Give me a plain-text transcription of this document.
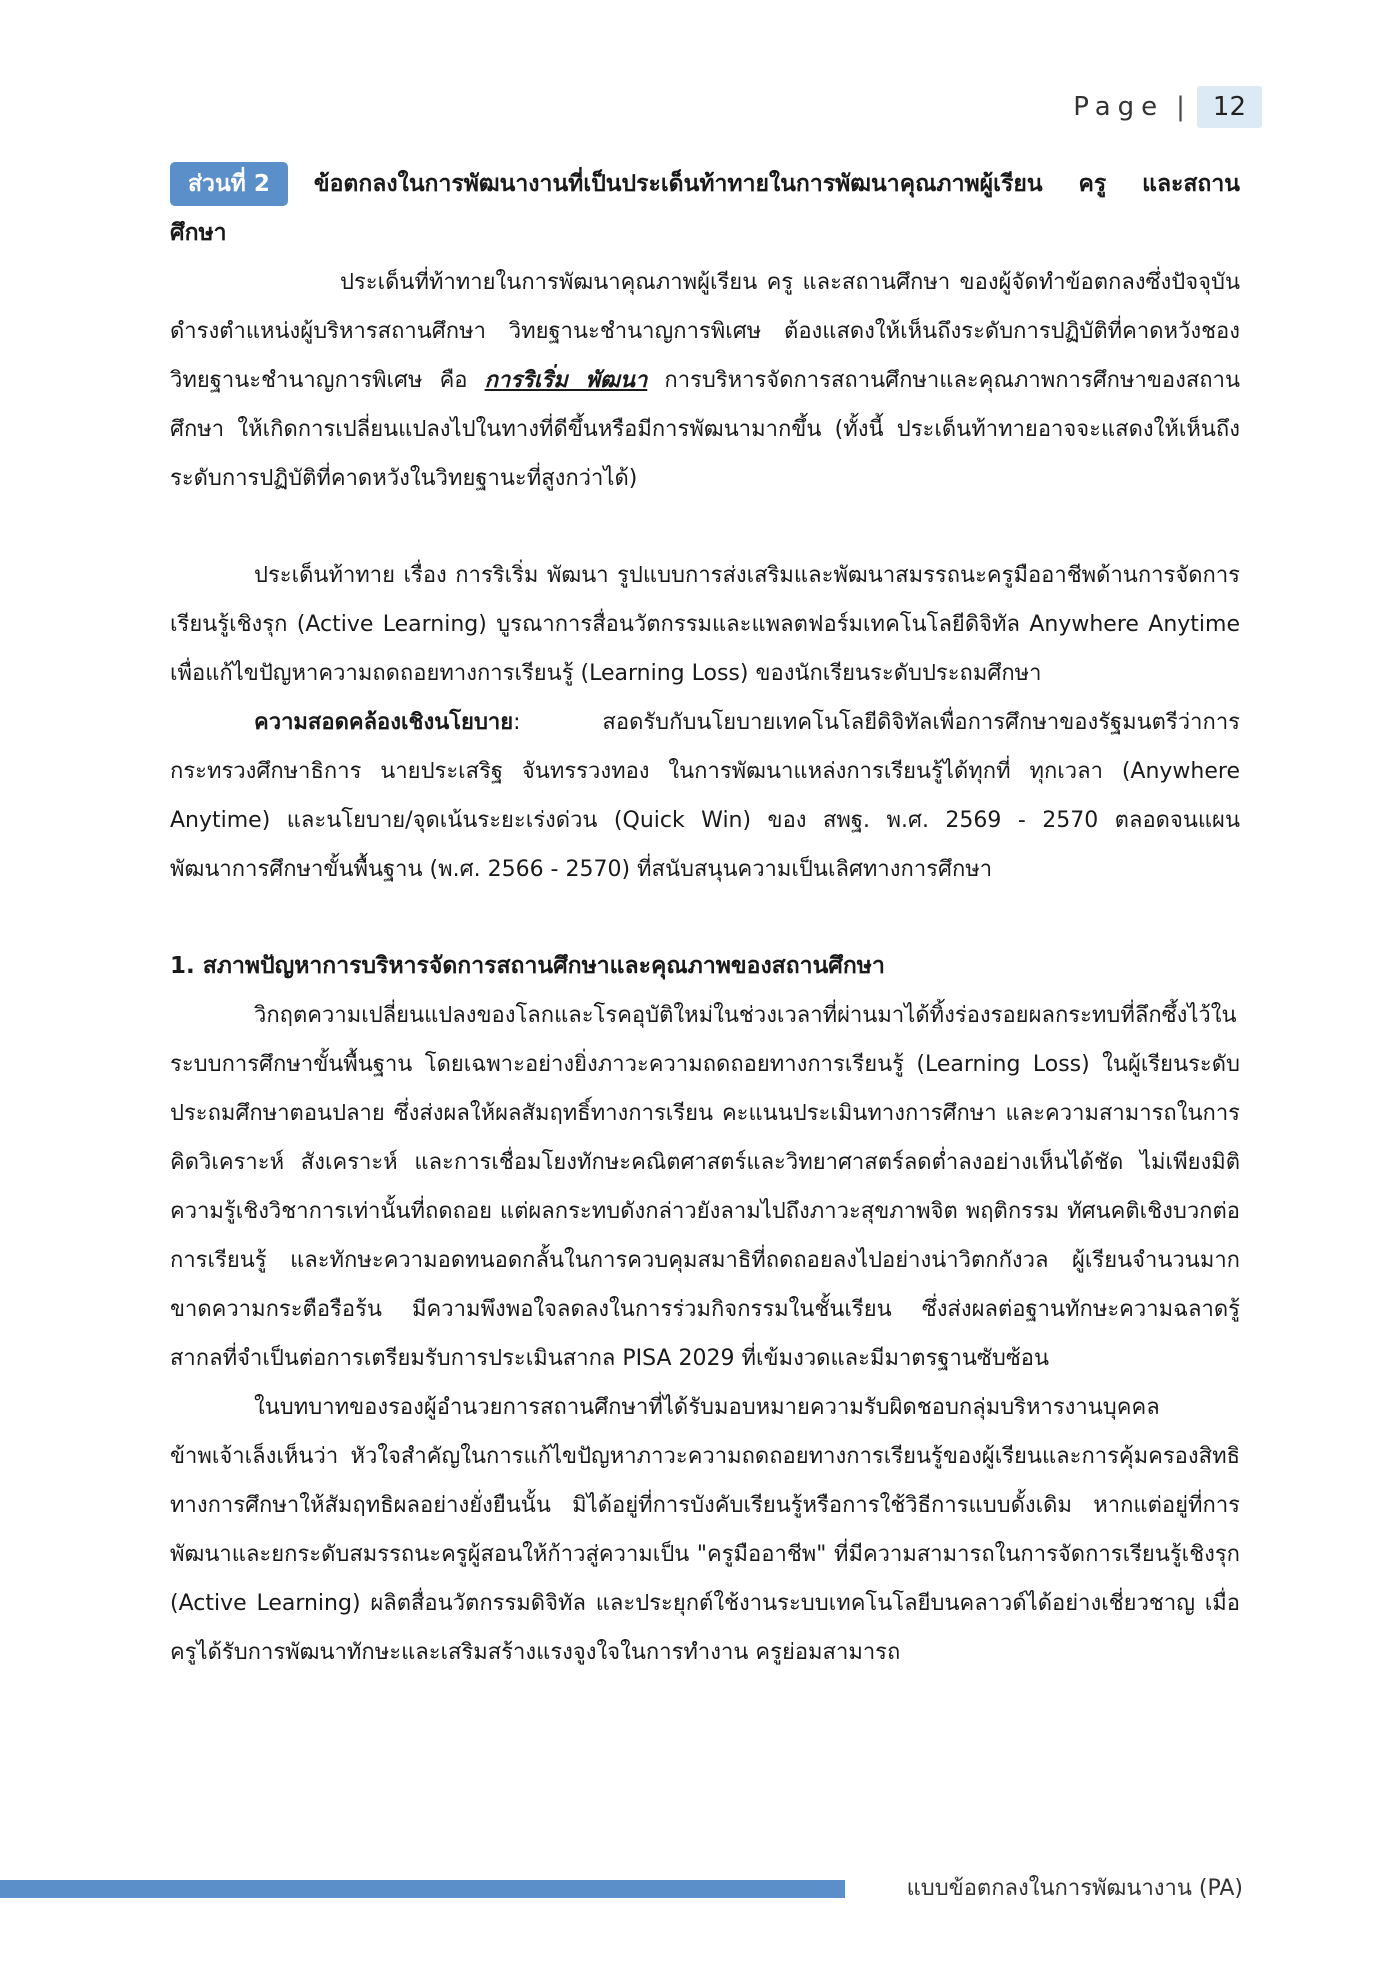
Page |	12

ส่วนที่ 2 ข้อตกลงในการพัฒนางานที่เป็นประเด็นท้าทายในการพัฒนาคุณภาพผู้เรียน ครู และสถานศึกษา

ประเด็นที่ท้าทายในการพัฒนาคุณภาพผู้เรียน ครู และสถานศึกษา ของผู้จัดทำข้อตกลงซึ่งปัจจุบันดำรงตำแหน่งผู้บริหารสถานศึกษา วิทยฐานะชำนาญการพิเศษ ต้องแสดงให้เห็นถึงระดับการปฏิบัติที่คาดหวังชองวิทยฐานะชำนาญการพิเศษ คือ การริเริ่ม พัฒนา การบริหารจัดการสถานศึกษาและคุณภาพการศึกษาของสถานศึกษา ให้เกิดการเปลี่ยนแปลงไปในทางที่ดีขึ้นหรือมีการพัฒนามากขึ้น (ทั้งนี้ ประเด็นท้าทายอาจจะแสดงให้เห็นถึงระดับการปฏิบัติที่คาดหวังในวิทยฐานะที่สูงกว่าได้)

ประเด็นท้าทาย เรื่อง การริเริ่ม พัฒนา รูปแบบการส่งเสริมและพัฒนาสมรรถนะครูมืออาชีพด้านการจัดการเรียนรู้เชิงรุก (Active Learning) บูรณาการสื่อนวัตกรรมและแพลตฟอร์มเทคโนโลยีดิจิทัล Anywhere Anytime เพื่อแก้ไขปัญหาความถดถอยทางการเรียนรู้ (Learning Loss) ของนักเรียนระดับประถมศึกษา

ความสอดคล้องเชิงนโยบาย: สอดรับกับนโยบายเทคโนโลยีดิจิทัลเพื่อการศึกษาของรัฐมนตรีว่าการกระทรวงศึกษาธิการ นายประเสริฐ จันทรรวงทอง ในการพัฒนาแหล่งการเรียนรู้ได้ทุกที่ ทุกเวลา (Anywhere Anytime) และนโยบาย/จุดเน้นระยะเร่งด่วน (Quick Win) ของ สพฐ. พ.ศ. 2569 - 2570 ตลอดจนแผนพัฒนาการศึกษาขั้นพื้นฐาน (พ.ศ. 2566 - 2570) ที่สนับสนุนความเป็นเลิศทางการศึกษา

1. สภาพปัญหาการบริหารจัดการสถานศึกษาและคุณภาพของสถานศึกษา

วิกฤตความเปลี่ยนแปลงของโลกและโรคอุบัติใหม่ในช่วงเวลาที่ผ่านมาได้ทิ้งร่องรอยผลกระทบที่ลึกซึ้งไว้ในระบบการศึกษาขั้นพื้นฐาน โดยเฉพาะอย่างยิ่งภาวะความถดถอยทางการเรียนรู้ (Learning Loss) ในผู้เรียนระดับประถมศึกษาตอนปลาย ซึ่งส่งผลให้ผลสัมฤทธิ์ทางการเรียน คะแนนประเมินทางการศึกษา และความสามารถในการคิดวิเคราะห์ สังเคราะห์ และการเชื่อมโยงทักษะคณิตศาสตร์และวิทยาศาสตร์ลดต่ำลงอย่างเห็นได้ชัด ไม่เพียงมิติความรู้เชิงวิชาการเท่านั้นที่ถดถอย แต่ผลกระทบดังกล่าวยังลามไปถึงภาวะสุขภาพจิต พฤติกรรม ทัศนคติเชิงบวกต่อการเรียนรู้ และทักษะความอดทนอดกลั้นในการควบคุมสมาธิที่ถดถอยลงไปอย่างน่าวิตกกังวล ผู้เรียนจำนวนมากขาดความกระตือรือร้น มีความพึงพอใจลดลงในการร่วมกิจกรรมในชั้นเรียน ซึ่งส่งผลต่อฐานทักษะความฉลาดรู้สากลที่จำเป็นต่อการเตรียมรับการประเมินสากล PISA 2029 ที่เข้มงวดและมีมาตรฐานซับซ้อน

ในบทบาทของรองผู้อำนวยการสถานศึกษาที่ได้รับมอบหมายความรับผิดชอบกลุ่มบริหารงานบุคคล ข้าพเจ้าเล็งเห็นว่า หัวใจสำคัญในการแก้ไขปัญหาภาวะความถดถอยทางการเรียนรู้ของผู้เรียนและการคุ้มครองสิทธิทางการศึกษาให้สัมฤทธิผลอย่างยั่งยืนนั้น มิได้อยู่ที่การบังคับเรียนรู้หรือการใช้วิธีการแบบดั้งเดิม หากแต่อยู่ที่การพัฒนาและยกระดับสมรรถนะครูผู้สอนให้ก้าวสู่ความเป็น "ครูมืออาชีพ" ที่มีความสามารถในการจัดการเรียนรู้เชิงรุก (Active Learning) ผลิตสื่อนวัตกรรมดิจิทัล และประยุกต์ใช้งานระบบเทคโนโลยีบนคลาวด์ได้อย่างเชี่ยวชาญ เมื่อครูได้รับการพัฒนาทักษะและเสริมสร้างแรงจูงใจในการทำงาน ครูย่อมสามารถ

แบบข้อตกลงในการพัฒนางาน (PA)
